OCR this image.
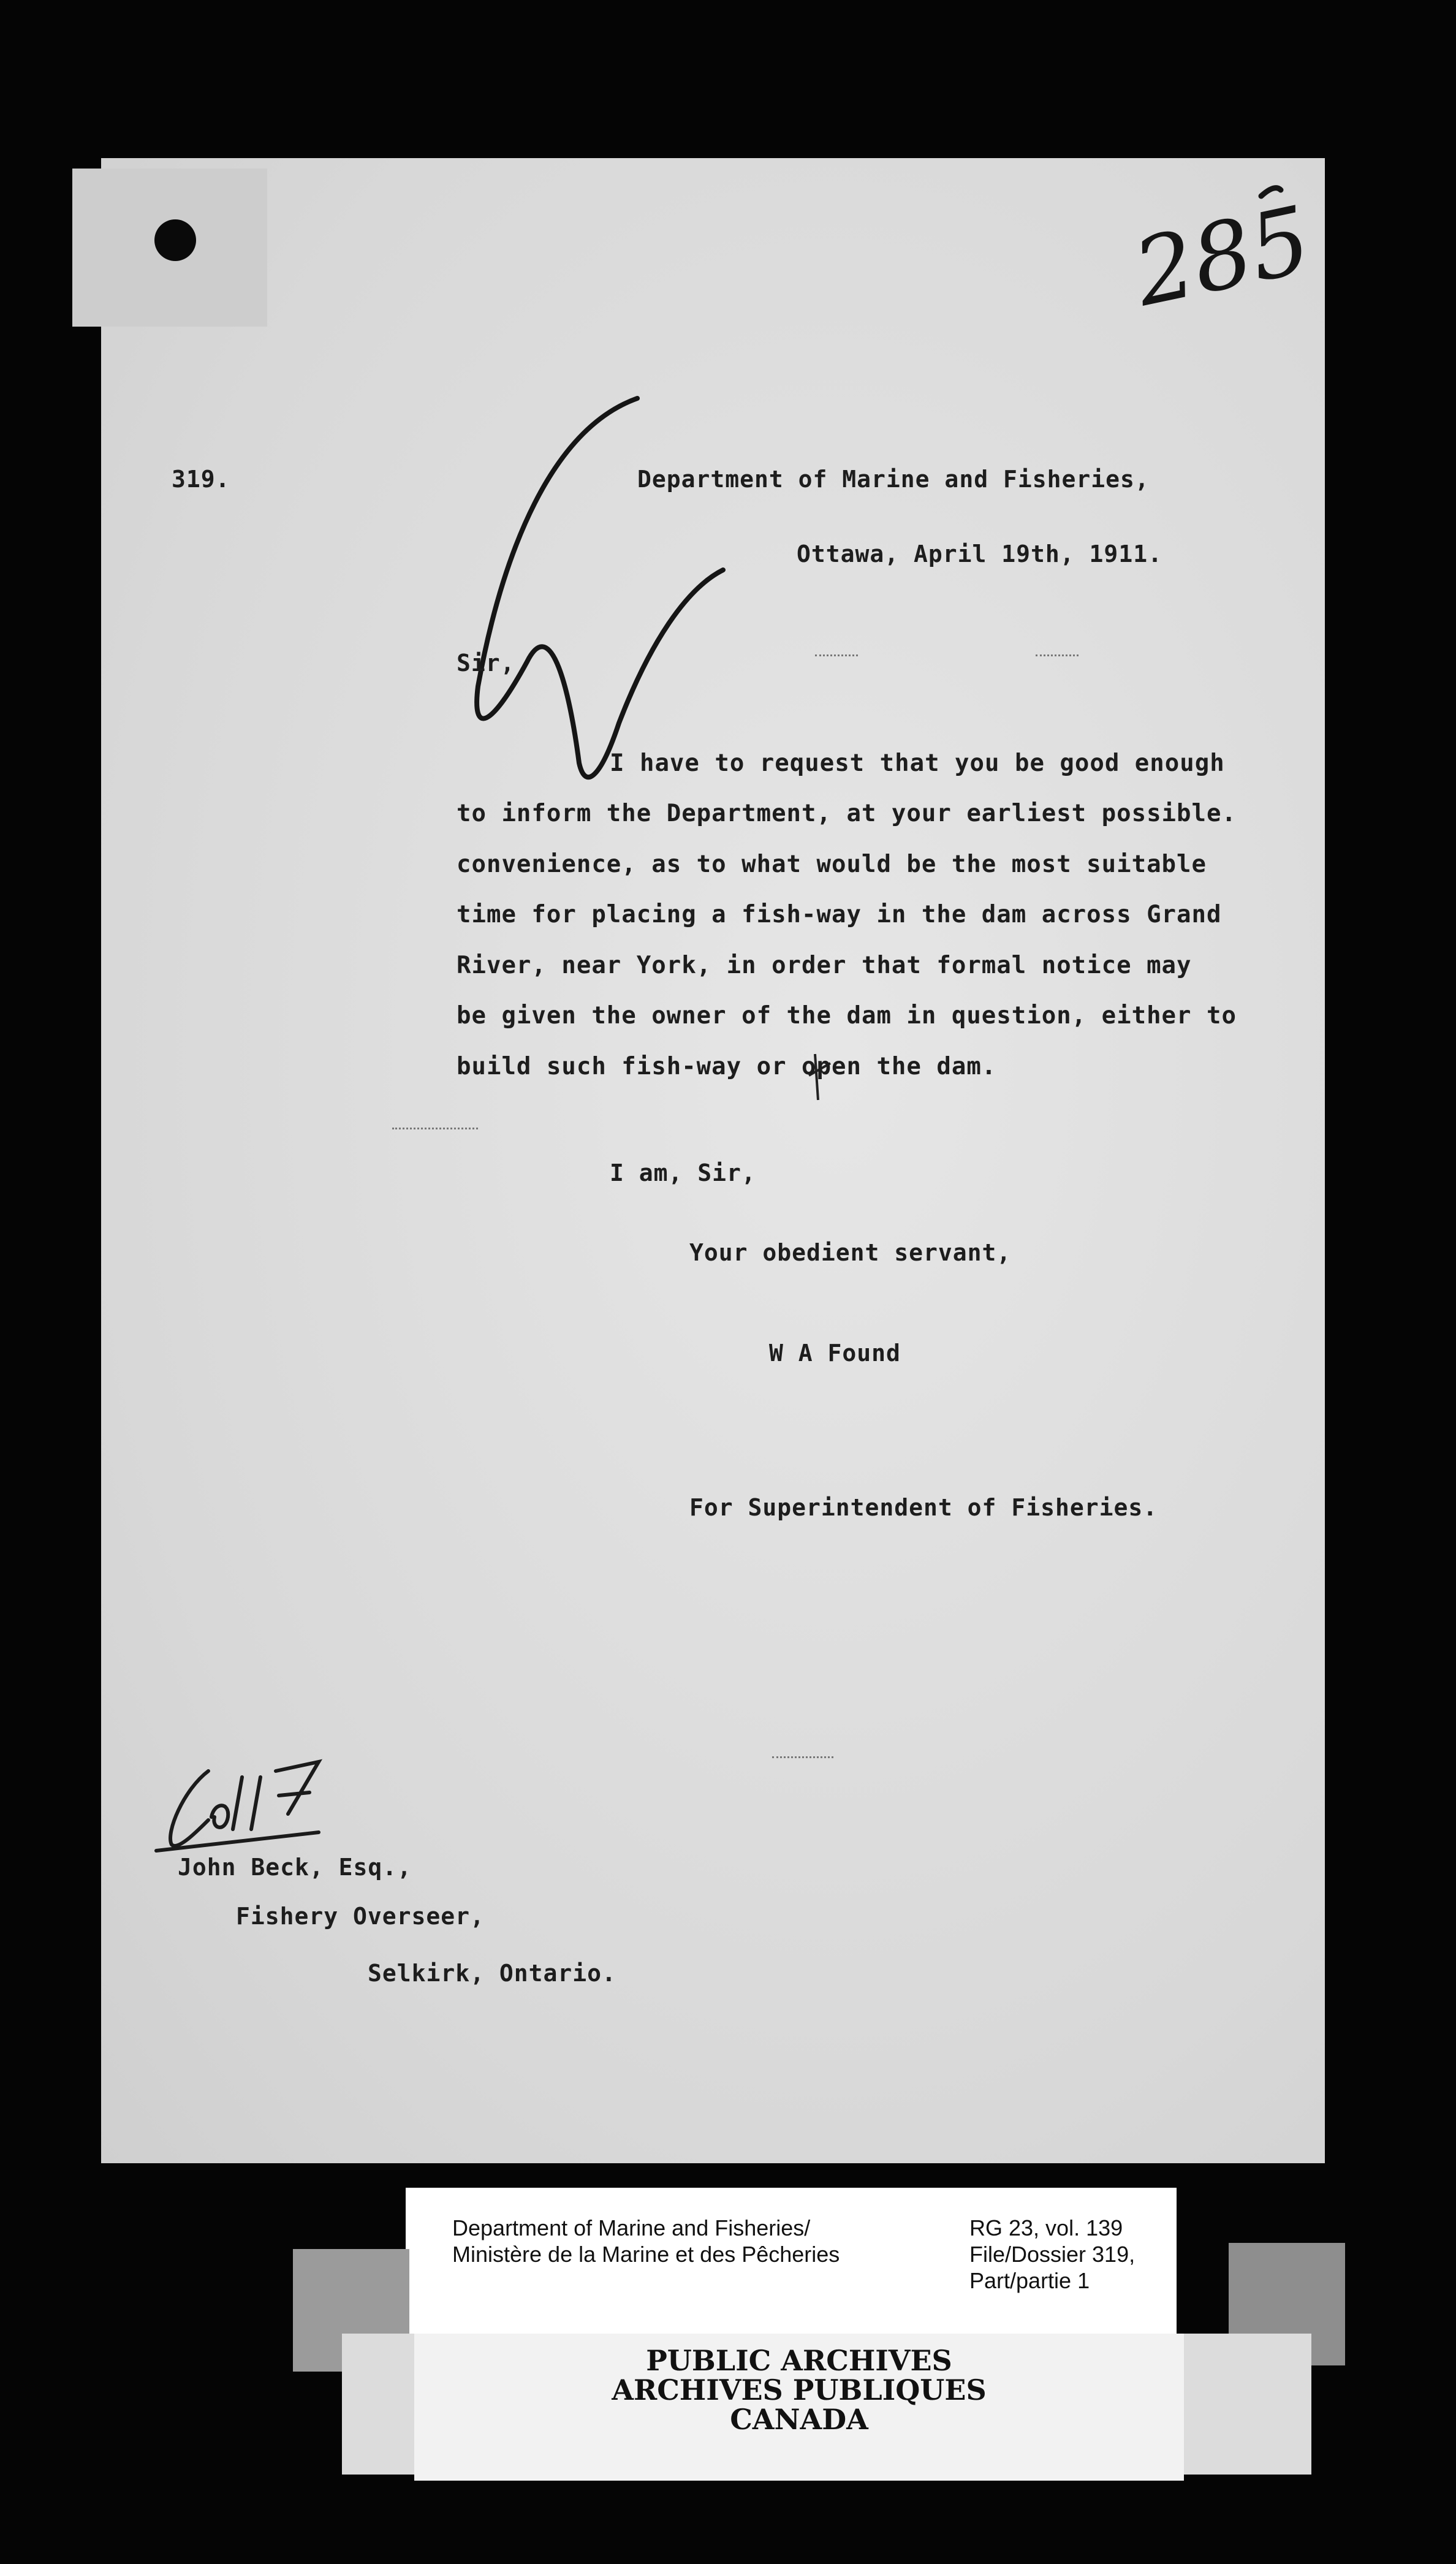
285
319.	Department of Marine and Fisheries,
Ottawa, April 19th, 1911.
Sir,
I have to request that you be good enough
to inform the Department, at your earliest possible.
convenience, as to what would be the most suitable
time for placing a fish-way in the dam across Grand
River, near York, in order that formal notice may
be given the owner of the dam in question, either to
build such fish-way or open the dam.
I am, Sir,
Your obedient servant,
W A Found
For Superintendent of Fisheries.
John Beck, Esq.,
Fishery Overseer,
Selkirk, Ontario.
Department of Marine and Fisheries/
Ministère de la Marine et des Pêcheries
RG 23, vol. 139
File/Dossier 319,
Part/partie 1
PUBLIC ARCHIVES
ARCHIVES PUBLIQUES
CANADA
